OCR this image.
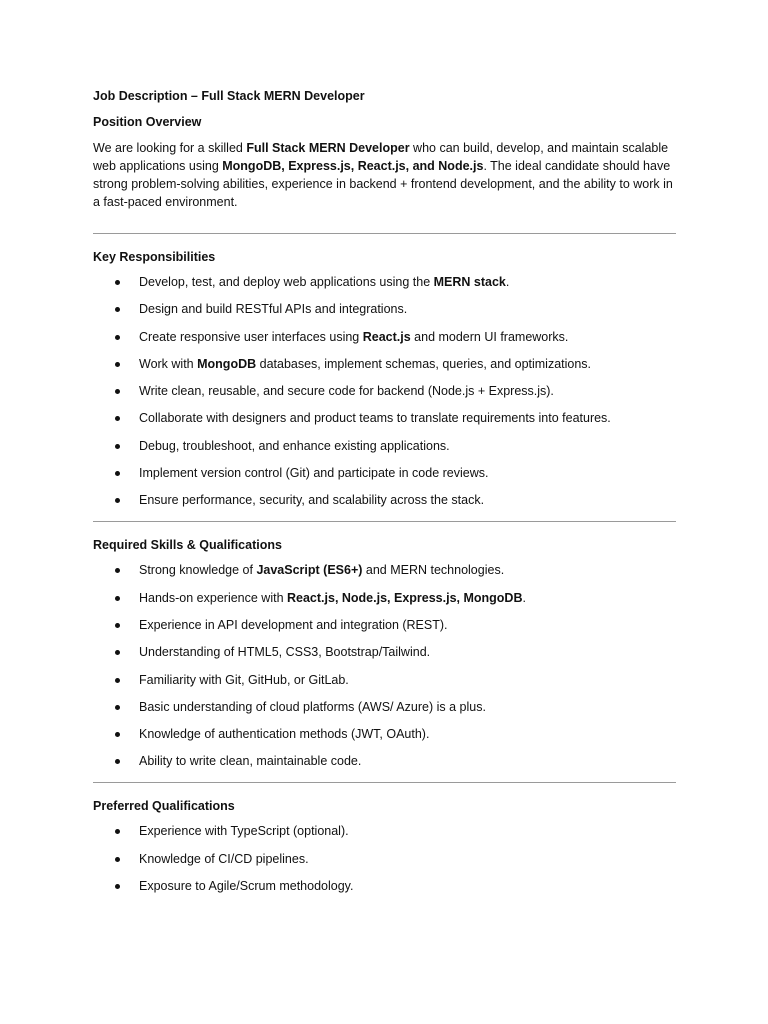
Job Description – Full Stack MERN Developer
Position Overview

We are looking for a skilled Full Stack MERN Developer who can build, develop, and maintain scalable web applications using MongoDB, Express.js, React.js, and Node.js. The ideal candidate should have strong problem-solving abilities, experience in backend + frontend development, and the ability to work in a fast-paced environment.

Key Responsibilities
Develop, test, and deploy web applications using the MERN stack.
Design and build RESTful APIs and integrations.
Create responsive user interfaces using React.js and modern UI frameworks.
Work with MongoDB databases, implement schemas, queries, and optimizations.
Write clean, reusable, and secure code for backend (Node.js + Express.js).
Collaborate with designers and product teams to translate requirements into features.
Debug, troubleshoot, and enhance existing applications.
Implement version control (Git) and participate in code reviews.
Ensure performance, security, and scalability across the stack.
Required Skills & Qualifications
Strong knowledge of JavaScript (ES6+) and MERN technologies.
Hands-on experience with React.js, Node.js, Express.js, MongoDB.
Experience in API development and integration (REST).
Understanding of HTML5, CSS3, Bootstrap/Tailwind.
Familiarity with Git, GitHub, or GitLab.
Basic understanding of cloud platforms (AWS/ Azure) is a plus.
Knowledge of authentication methods (JWT, OAuth).
Ability to write clean, maintainable code.
Preferred Qualifications
Experience with TypeScript (optional).
Knowledge of CI/CD pipelines.
Exposure to Agile/Scrum methodology.
